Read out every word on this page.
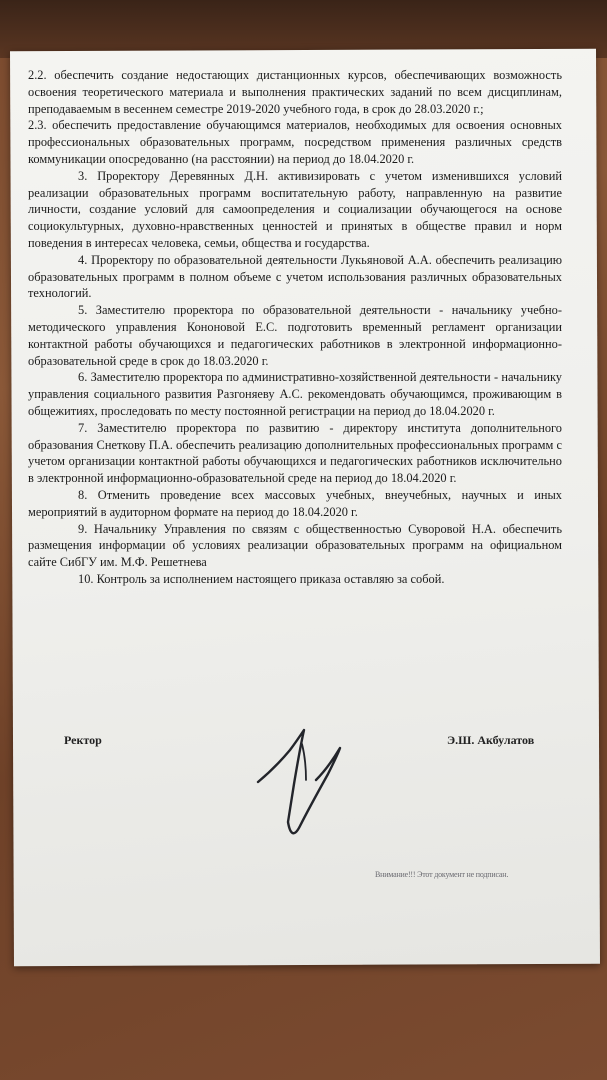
2.2. обеспечить создание недостающих дистанционных курсов, обеспечивающих возможность освоения теоретического материала и выполнения практических заданий по всем дисциплинам, преподаваемым в весеннем семестре 2019-2020 учебного года, в срок до 28.03.2020 г.;

2.3. обеспечить предоставление обучающимся материалов, необходимых для освоения основных профессиональных образовательных программ, посредством применения различных средств коммуникации опосредованно (на расстоянии) на период до 18.04.2020 г.

3. Проректору Деревянных Д.Н. активизировать с учетом изменившихся условий реализации образовательных программ воспитательную работу, направленную на развитие личности, создание условий для самоопределения и социализации обучающегося на основе социокультурных, духовно-нравственных ценностей и принятых в обществе правил и норм поведения в интересах человека, семьи, общества и государства.

4. Проректору по образовательной деятельности Лукьяновой А.А. обеспечить реализацию образовательных программ в полном объеме с учетом использования различных образовательных технологий.

5. Заместителю проректора по образовательной деятельности - начальнику учебно-методического управления Кононовой Е.С. подготовить временный регламент организации контактной работы обучающихся и педагогических работников в электронной информационно-образовательной среде в срок до 18.03.2020 г.

6. Заместителю проректора по административно-хозяйственной деятельности - начальнику управления социального развития Разгоняеву А.С. рекомендовать обучающимся, проживающим в общежитиях, проследовать по месту постоянной регистрации на период до 18.04.2020 г.

7. Заместителю проректора по развитию - директору института дополнительного образования Снеткову П.А. обеспечить реализацию дополнительных профессиональных программ с учетом организации контактной работы обучающихся и педагогических работников исключительно в электронной информационно-образовательной среде на период до 18.04.2020 г.

8. Отменить проведение всех массовых учебных, внеучебных, научных и иных мероприятий в аудиторном формате на период до 18.04.2020 г.

9. Начальнику Управления по связям с общественностью Суворовой Н.А. обеспечить размещения информации об условиях реализации образовательных программ на официальном сайте СибГУ им. М.Ф. Решетнева

10. Контроль за исполнением настоящего приказа оставляю за собой.

Ректор	Э.Ш. Акбулатов
Внимание!!! Этот документ не подписан.
